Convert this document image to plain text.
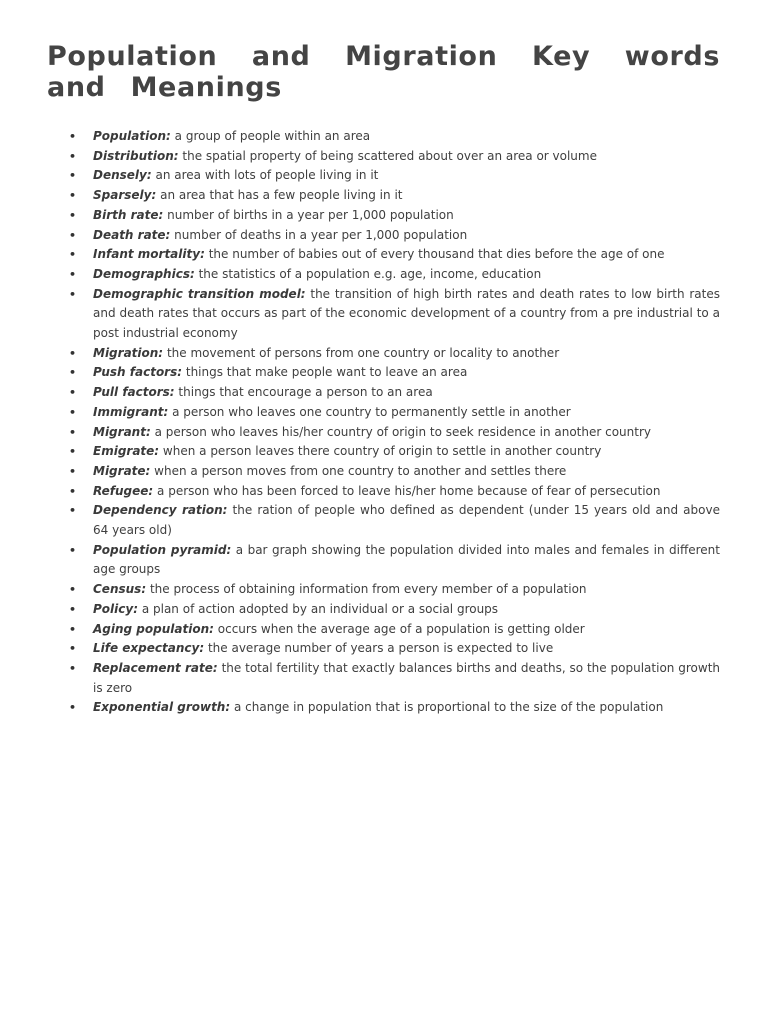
Population and Migration Key words and Meanings
• Population: a group of people within an area
• Distribution: the spatial property of being scattered about over an area or volume
• Densely: an area with lots of people living in it
• Sparsely: an area that has a few people living in it
• Birth rate: number of births in a year per 1,000 population
• Death rate: number of deaths in a year per 1,000 population
• Infant mortality: the number of babies out of every thousand that dies before the age of one
• Demographics: the statistics of a population e.g. age, income, education
• Demographic transition model: the transition of high birth rates and death rates to low birth rates and death rates that occurs as part of the economic development of a country from a pre industrial to a post industrial economy
• Migration: the movement of persons from one country or locality to another
• Push factors: things that make people want to leave an area
• Pull factors: things that encourage a person to an area
• Immigrant: a person who leaves one country to permanently settle in another
• Migrant: a person who leaves his/her country of origin to seek residence in another country
• Emigrate: when a person leaves there country of origin to settle in another country
• Migrate: when a person moves from one country to another and settles there
• Refugee: a person who has been forced to leave his/her home because of fear of persecution
• Dependency ration: the ration of people who defined as dependent (under 15 years old and above 64 years old)
• Population pyramid: a bar graph showing the population divided into males and females in different age groups
• Census: the process of obtaining information from every member of a population
• Policy: a plan of action adopted by an individual or a social groups
• Aging population: occurs when the average age of a population is getting older
• Life expectancy: the average number of years a person is expected to live
• Replacement rate: the total fertility that exactly balances births and deaths, so the population growth is zero
• Exponential growth: a change in population that is proportional to the size of the population
